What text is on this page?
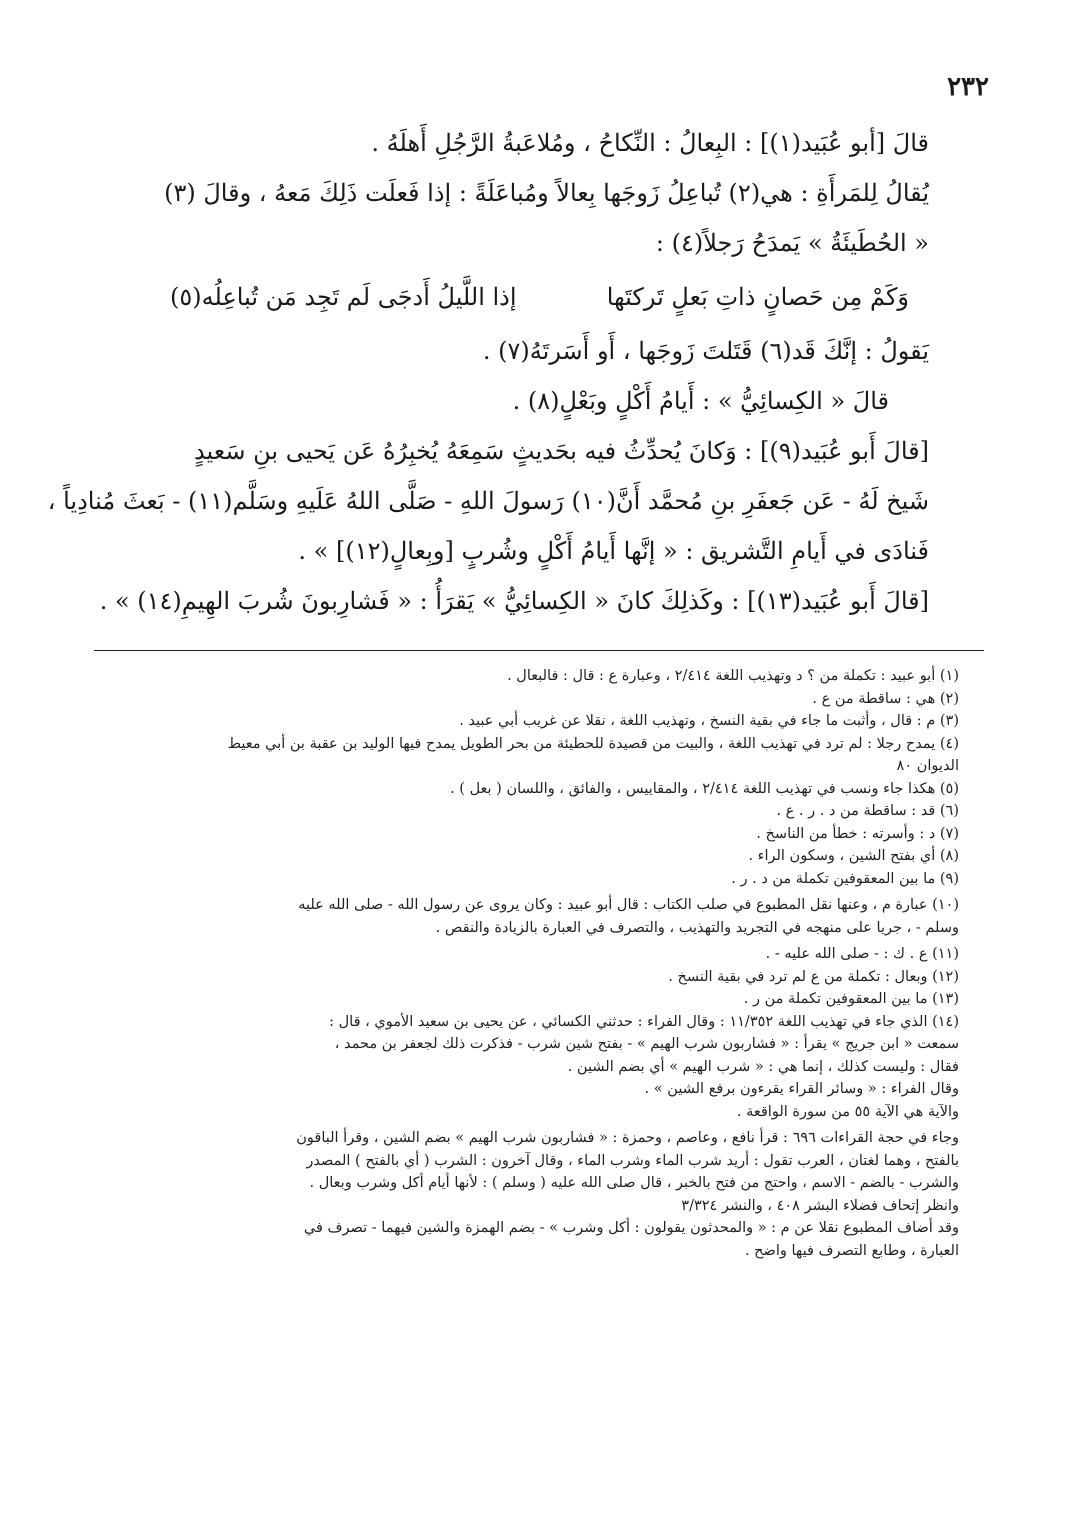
٢٣٢
قالَ [أبو عُبَيد(١)] : البِعالُ : النِّكاحُ ، ومُلاعَبةُ الرَّجُلِ أَهلَهُ .
يُقالُ لِلمَرأَةِ : هي(٢) تُباعِلُ زَوجَها بِعالاً ومُباعَلَةً : إذا فَعلَت ذَلِكَ مَعهُ ، وقالَ (٣)
« الحُطَيئَةُ » يَمدَحُ رَجلاً(٤) :
وَكَمْ مِن حَصانٍ ذاتِ بَعلٍ تَركتَها
إذا اللَّيلُ أَدجَى لَم تَجِد مَن تُباعِلُه(٥)
يَقولُ : إنَّكَ قَد(٦) قَتَلتَ زَوجَها ، أَو أَسَرتَهُ(٧) .
قالَ « الكِسائِيُّ » : أَيامُ أَكْلٍ وبَعْلٍ(٨) .
[قالَ أَبو عُبَيد(٩)] : وَكانَ يُحدِّثُ فيه بحَديثٍ سَمِعَهُ يُخبِرُهُ عَن يَحيى بنِ سَعيدٍ
شَيخ لَهُ - عَن جَعفَرِ بنِ مُحمَّد أَنَّ(١٠) رَسولَ اللهِ - صَلَّى اللهُ عَلَيهِ وسَلَّم(١١) - بَعثَ مُنادِياً ،
فَنادَى في أَيامِ التَّشريق : « إنَّها أَيامُ أَكْلٍ وشُربٍ [وبِعالٍ(١٢)] » .
[قالَ أَبو عُبَيد(١٣)] : وكَذلِكَ كانَ « الكِسائِيُّ » يَقرَأُ : « فَشارِبونَ شُربَ الهِيمِ(١٤) » .
(١) أبو عبيد : تكملة من ؟ د وتهذيب اللغة ٢/٤١٤ ، وعبارة ع : قال : فالبعال .
(٢) هي : ساقطة من ع .
(٣) م : قال ، وأثبت ما جاء في بقية النسخ ، وتهذيب اللغة ، نقلا عن غريب أبي عبيد .
(٤) يمدح رجلا : لم ترد في تهذيب اللغة ، والبيت من قصيدة للحطيئة من بحر الطويل يمدح فيها الوليد بن عقبة بن أبي معيط
الديوان ٨٠
(٥) هكذا جاء ونسب في تهذيب اللغة ٢/٤١٤ ، والمقاييس ، والفائق ، واللسان ( بعل ) .
(٦) قد : ساقطة من د . ر . ع .
(٧) د : وأسرته : خطأ من الناسخ .
(٨) أي بفتح الشين ، وسكون الراء .
(٩) ما بين المعقوفين تكملة من د . ر .
(١٠) عبارة م ، وعنها نقل المطبوع في صلب الكتاب : قال أبو عبيد : وكان يروى عن رسول الله - صلى الله عليه
وسلم - ، جريا على منهجه في التجريد والتهذيب ، والتصرف في العبارة بالزيادة والنقص .
(١١) ع . ك : - صلى الله عليه - .
(١٢) وبعال : تكملة من ع لم ترد في بقية النسخ .
(١٣) ما بين المعقوفين تكملة من ر .
(١٤) الذي جاء في تهذيب اللغة ١١/٣٥٢ : وقال الفراء : حدثني الكسائي ، عن يحيى بن سعيد الأموي ، قال :
سمعت « ابن جريج » يقرأ : « فشاربون شرب الهيم » - بفتح شين شرب - فذكرت ذلك لجعفر بن محمد ،
فقال : وليست كذلك ، إنما هي : « شرب الهيم » أي بضم الشين .
وقال الفراء : « وسائر القراء يقرءون برفع الشين » .
والآية هي الآية ٥٥ من سورة الواقعة .
وجاء في حجة القراءات ٦٩٦ : قرأ نافع ، وعاصم ، وحمزة : « فشاربون شرب الهيم » بضم الشين ، وقرأ الباقون
بالفتح ، وهما لغتان ، العرب تقول : أريد شرب الماء وشرب الماء ، وقال آخرون : الشرب ( أي بالفتح ) المصدر
والشرب - بالضم - الاسم ، واحتج من فتح بالخبر ، قال صلى الله عليه ( وسلم ) : لأنها أيام أكل وشرب وبعال .
وانظر إتحاف فضلاء البشر ٤٠٨ ، والنشر ٣/٣٢٤
وقد أضاف المطبوع نقلا عن م : « والمحدثون يقولون : أكل وشرب » - بضم الهمزة والشين فيهما - تصرف في
العبارة ، وطابع التصرف فيها واضح .
